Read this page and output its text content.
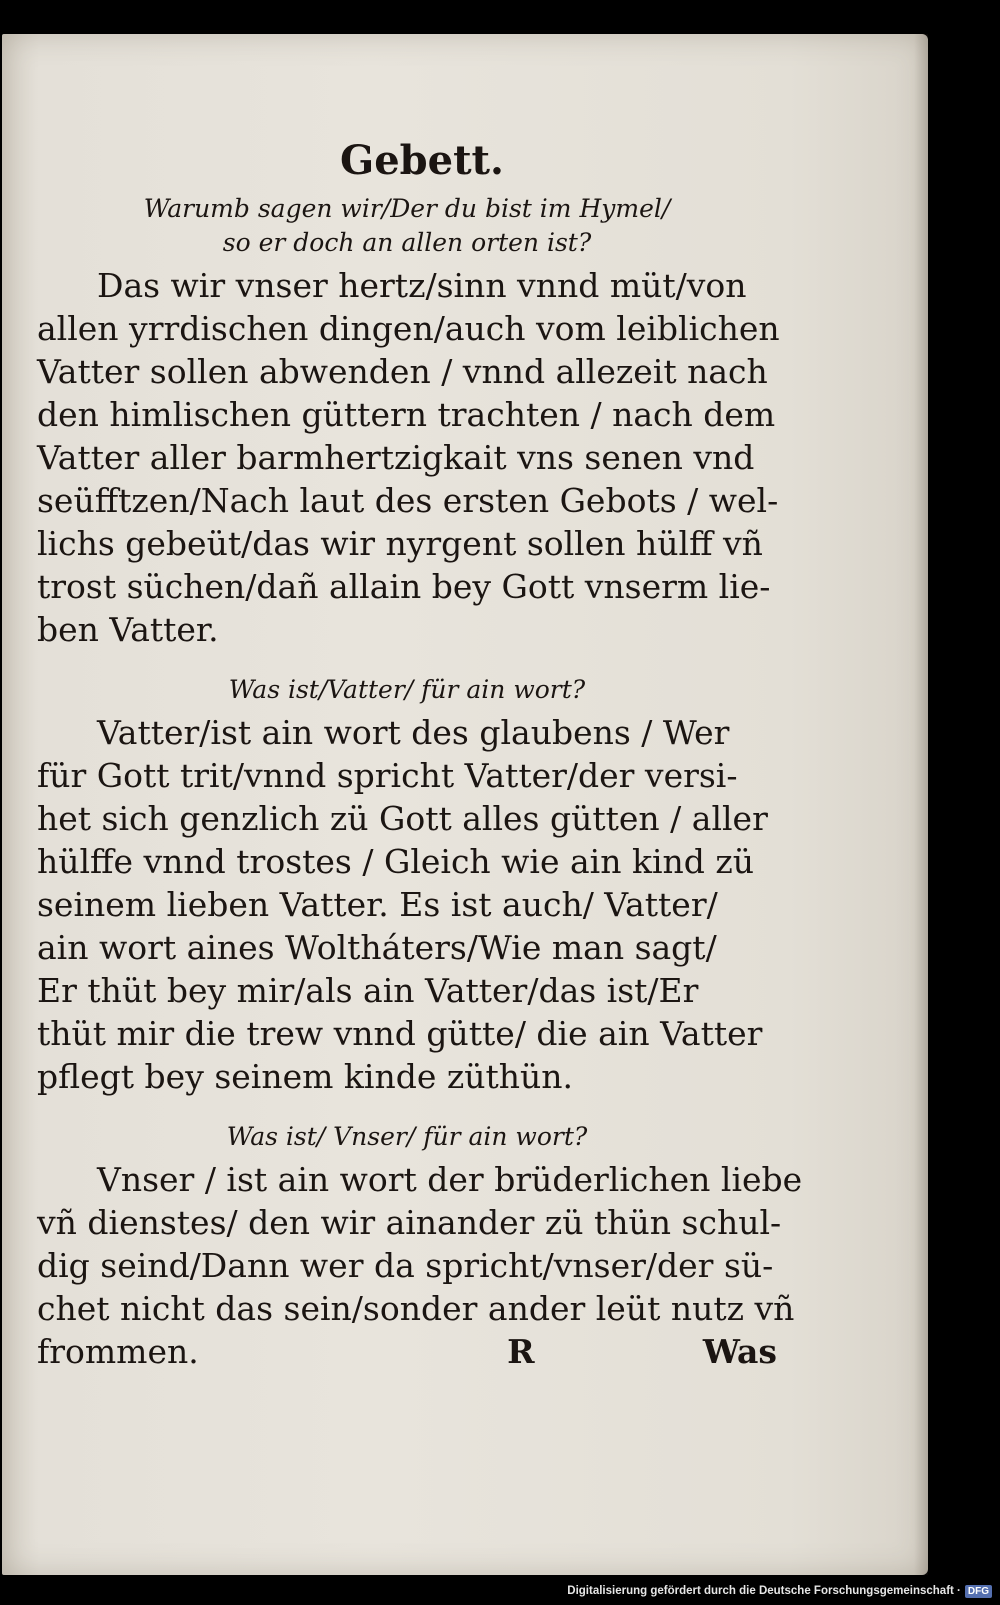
Gebett.
Warumb sagen wir/Der du bist im Hymel/
so er doch an allen orten ist?
Das wir vnser hertz/sinn vnnd müt/von
allen yrrdischen dingen/auch vom leiblichen
Vatter sollen abwenden / vnnd allezeit nach
den himlischen güttern trachten / nach dem
Vatter aller barmhertzigkait vns senen vnd
seüfftzen/Nach laut des ersten Gebots / wel-
lichs gebeüt/das wir nyrgent sollen hülff vñ
trost süchen/dañ allain bey Gott vnserm lie-
ben Vatter.
Was ist/Vatter/ für ain wort?
Vatter/ist ain wort des glaubens / Wer
für Gott trit/vnnd spricht Vatter/der versi-
het sich genzlich zü Gott alles gütten / aller
hülffe vnnd trostes / Gleich wie ain kind zü
seinem lieben Vatter. Es ist auch/ Vatter/
ain wort aines Woltháters/Wie man sagt/
Er thüt bey mir/als ain Vatter/das ist/Er
thüt mir die trew vnnd gütte/ die ain Vatter
pflegt bey seinem kinde züthün.
Was ist/ Vnser/ für ain wort?
Vnser / ist ain wort der brüderlichen liebe
vñ dienstes/ den wir ainander zü thün schul-
dig seind/Dann wer da spricht/vnser/der sü-
chet nicht das sein/sonder ander leüt nutz vñ
frommen.	R	Was
Digitalisierung gefördert durch die Deutsche Forschungsgemeinschaft · DFG
